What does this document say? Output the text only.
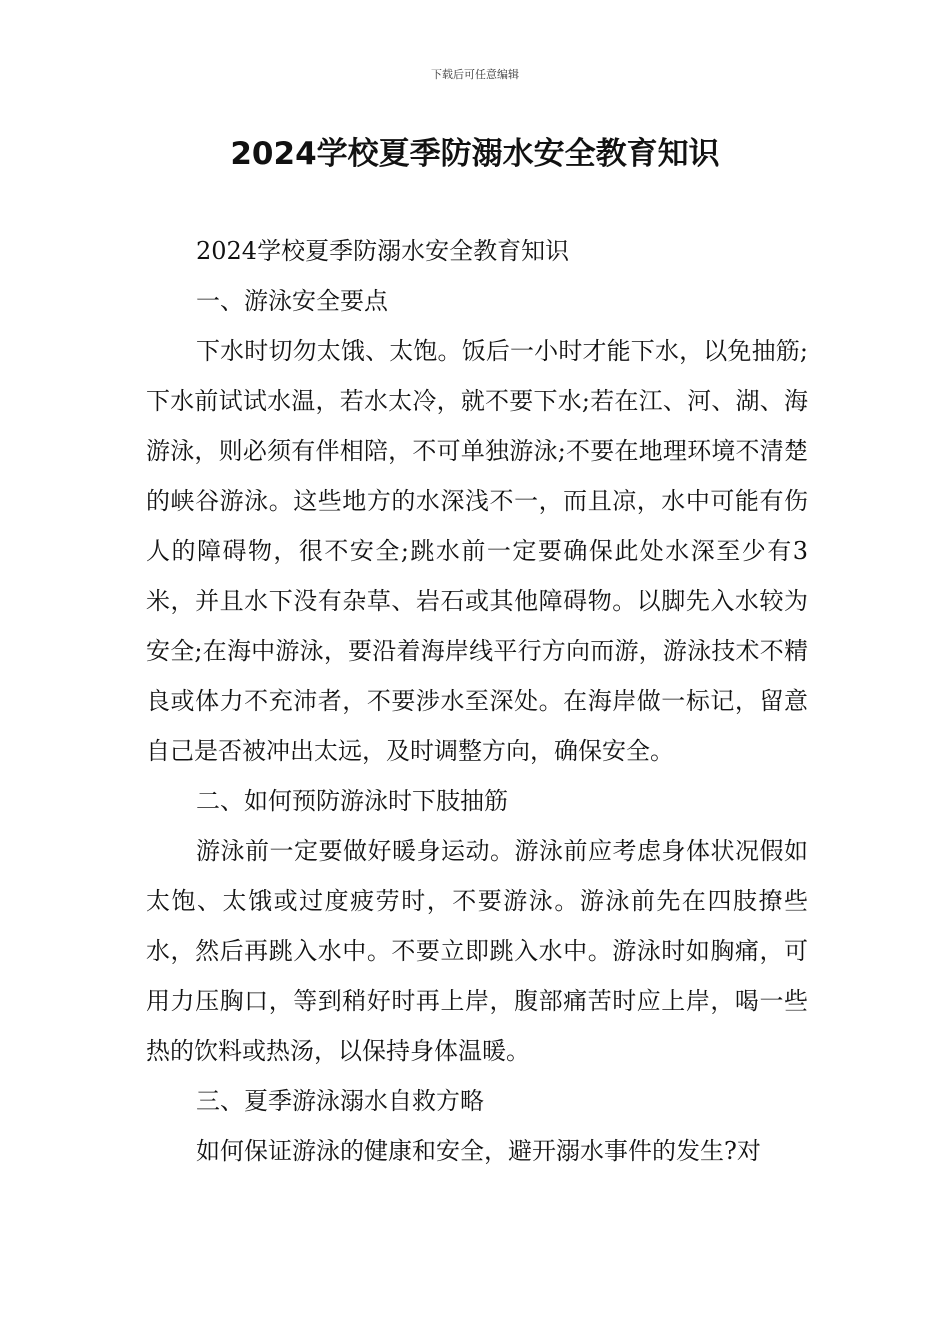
下载后可任意编辑
2024学校夏季防溺水安全教育知识

2024学校夏季防溺水安全教育知识

一、游泳安全要点

下水时切勿太饿、太饱。饭后一小时才能下水，以免抽筋;下水前试试水温，若水太冷，就不要下水;若在江、河、湖、海游泳，则必须有伴相陪，不可单独游泳;不要在地理环境不清楚的峡谷游泳。这些地方的水深浅不一，而且凉，水中可能有伤人的障碍物，很不安全;跳水前一定要确保此处水深至少有3米，并且水下没有杂草、岩石或其他障碍物。以脚先入水较为安全;在海中游泳，要沿着海岸线平行方向而游，游泳技术不精良或体力不充沛者，不要涉水至深处。在海岸做一标记，留意自己是否被冲出太远，及时调整方向，确保安全。

二、如何预防游泳时下肢抽筋

游泳前一定要做好暖身运动。游泳前应考虑身体状况假如太饱、太饿或过度疲劳时，不要游泳。游泳前先在四肢撩些水，然后再跳入水中。不要立即跳入水中。游泳时如胸痛，可用力压胸口，等到稍好时再上岸，腹部痛苦时应上岸，喝一些热的饮料或热汤，以保持身体温暖。

三、夏季游泳溺水自救方略

如何保证游泳的健康和安全，避开溺水事件的发生?对
